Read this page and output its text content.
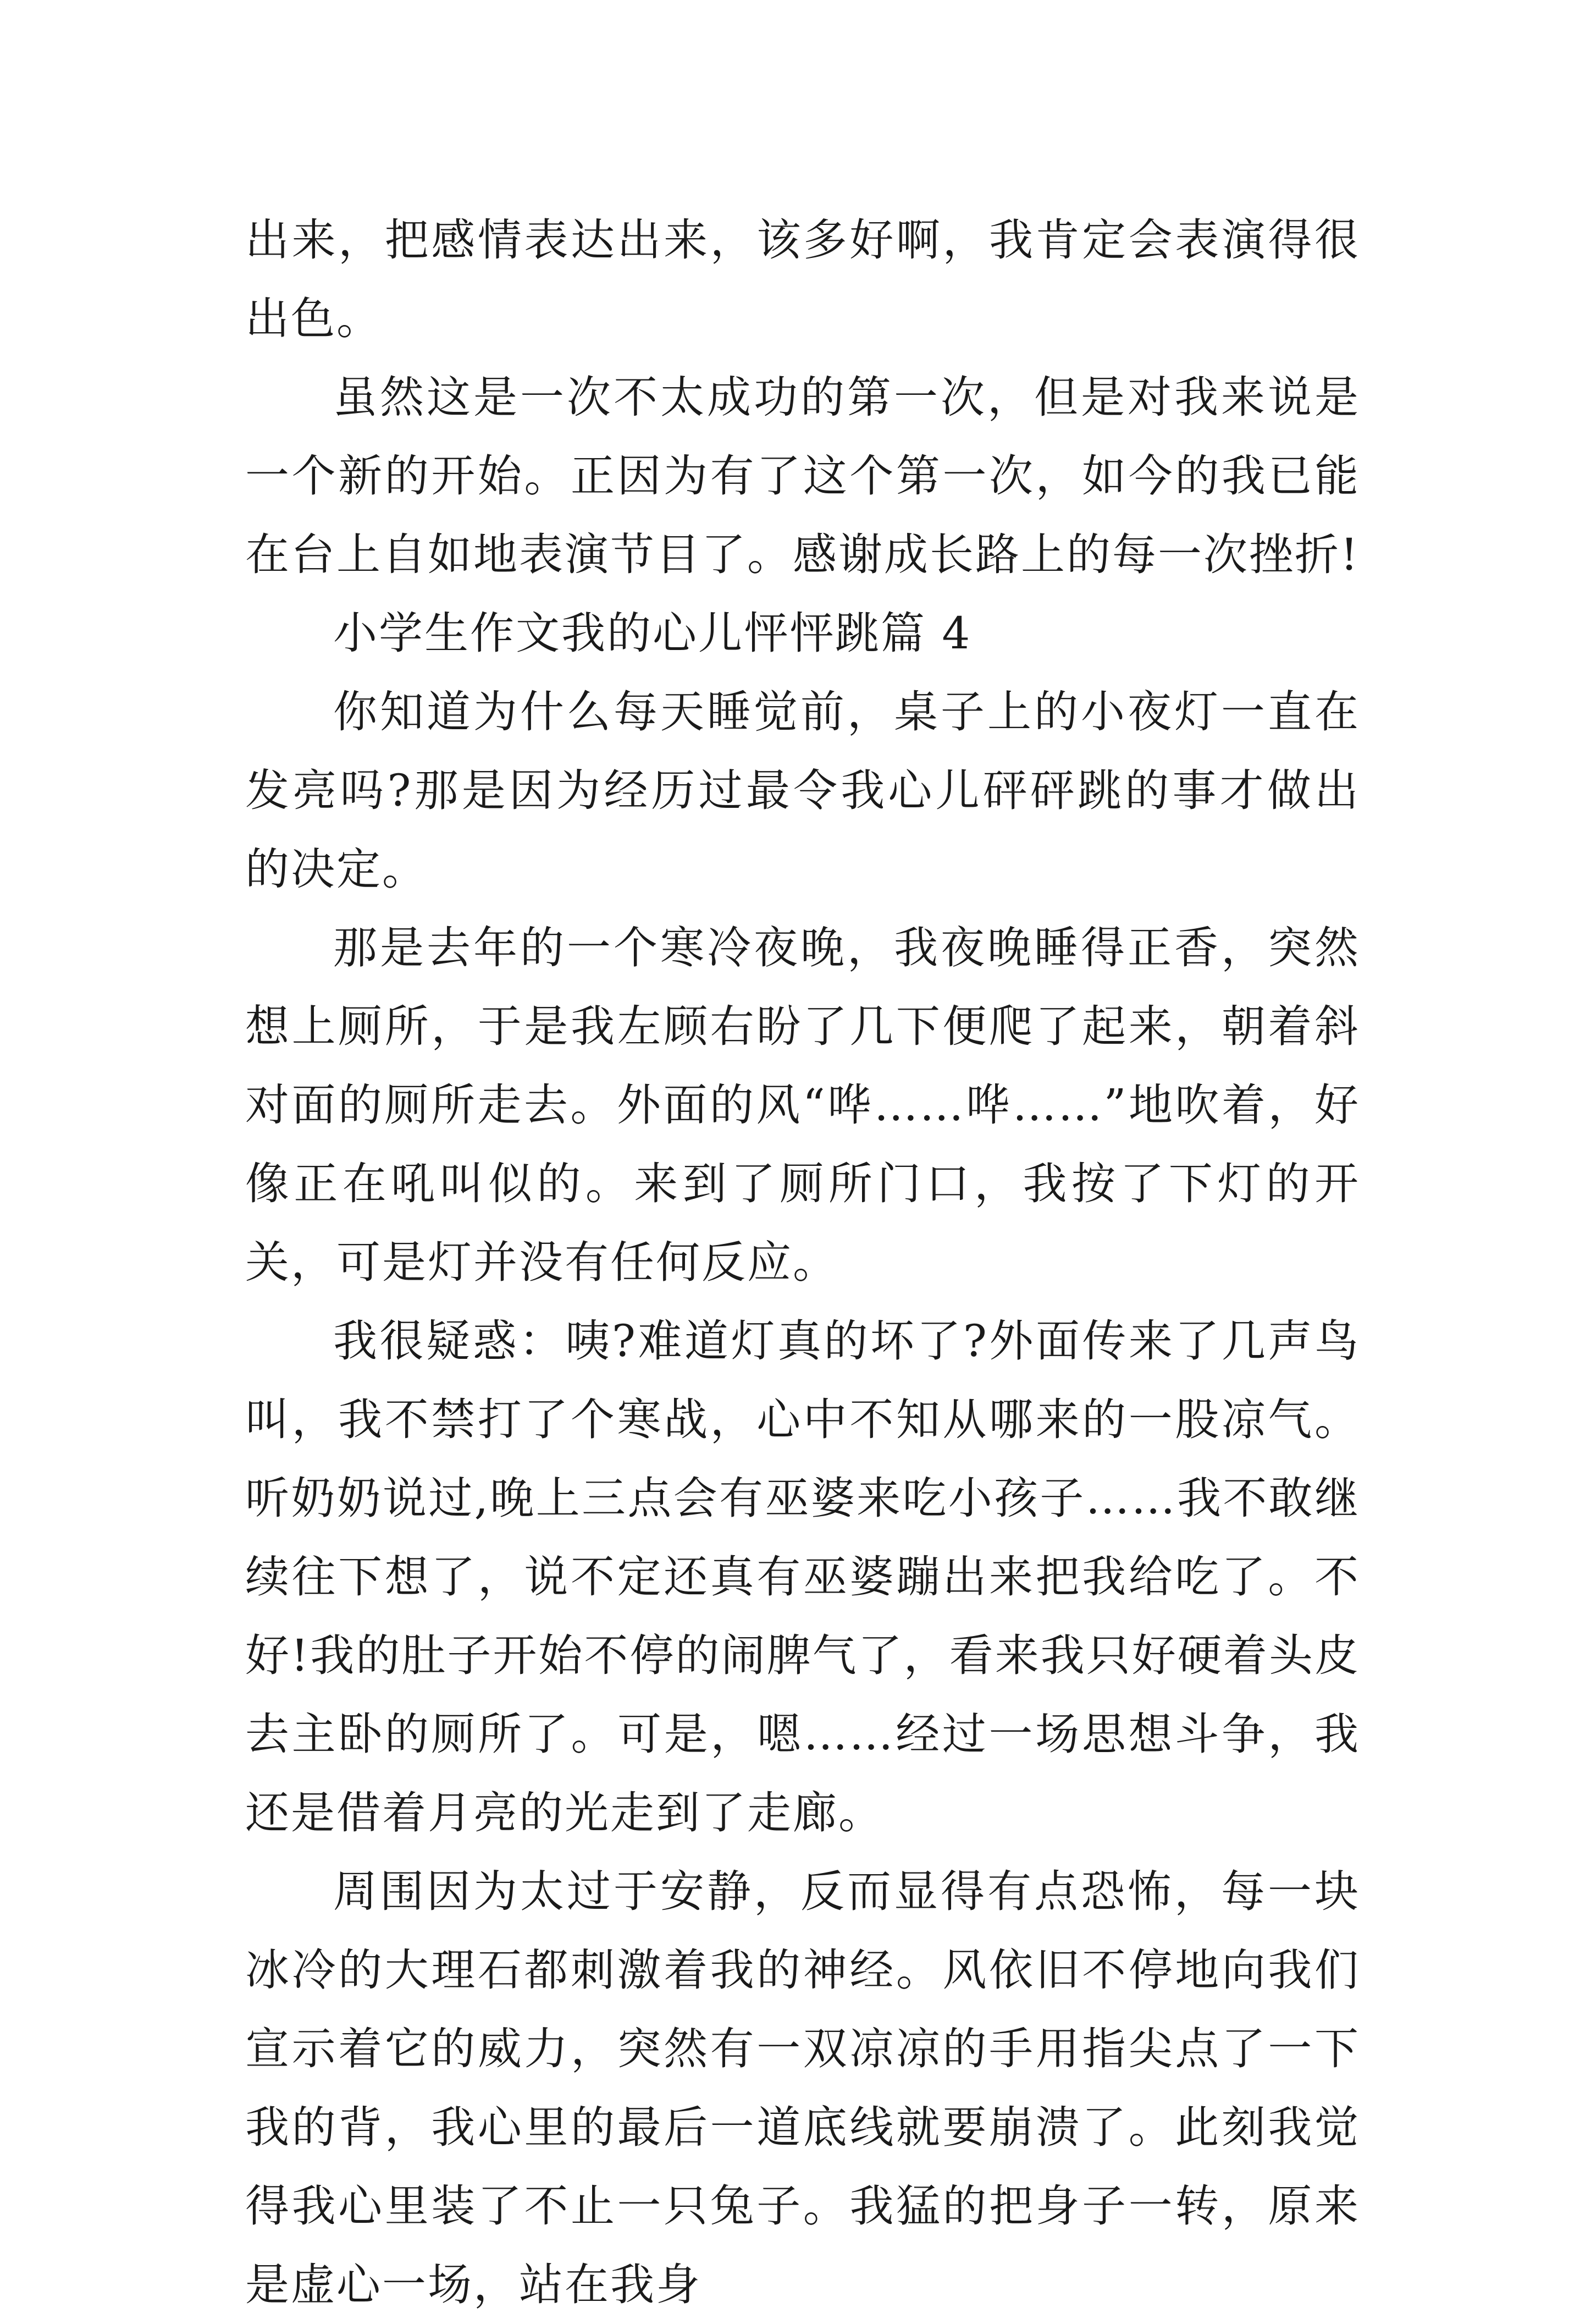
出来，把感情表达出来，该多好啊，我肯定会表演得很出色。

虽然这是一次不太成功的第一次，但是对我来说是一个新的开始。正因为有了这个第一次，如今的我已能在台上自如地表演节目了。感谢成长路上的每一次挫折!

小学生作文我的心儿怦怦跳篇 4

你知道为什么每天睡觉前，桌子上的小夜灯一直在发亮吗?那是因为经历过最令我心儿砰砰跳的事才做出的决定。

那是去年的一个寒冷夜晚，我夜晚睡得正香，突然想上厕所，于是我左顾右盼了几下便爬了起来，朝着斜对面的厕所走去。外面的风“哗……哗……”地吹着，好像正在吼叫似的。来到了厕所门口，我按了下灯的开关，可是灯并没有任何反应。

我很疑惑：咦?难道灯真的坏了?外面传来了几声鸟叫，我不禁打了个寒战，心中不知从哪来的一股凉气。听奶奶说过,晚上三点会有巫婆来吃小孩子……我不敢继续往下想了，说不定还真有巫婆蹦出来把我给吃了。不好!我的肚子开始不停的闹脾气了，看来我只好硬着头皮去主卧的厕所了。可是，嗯……经过一场思想斗争，我还是借着月亮的光走到了走廊。

周围因为太过于安静，反而显得有点恐怖，每一块冰冷的大理石都刺激着我的神经。风依旧不停地向我们宣示着它的威力，突然有一双凉凉的手用指尖点了一下我的背，我心里的最后一道底线就要崩溃了。此刻我觉得我心里装了不止一只兔子。我猛的把身子一转，原来是虚心一场，站在我身
